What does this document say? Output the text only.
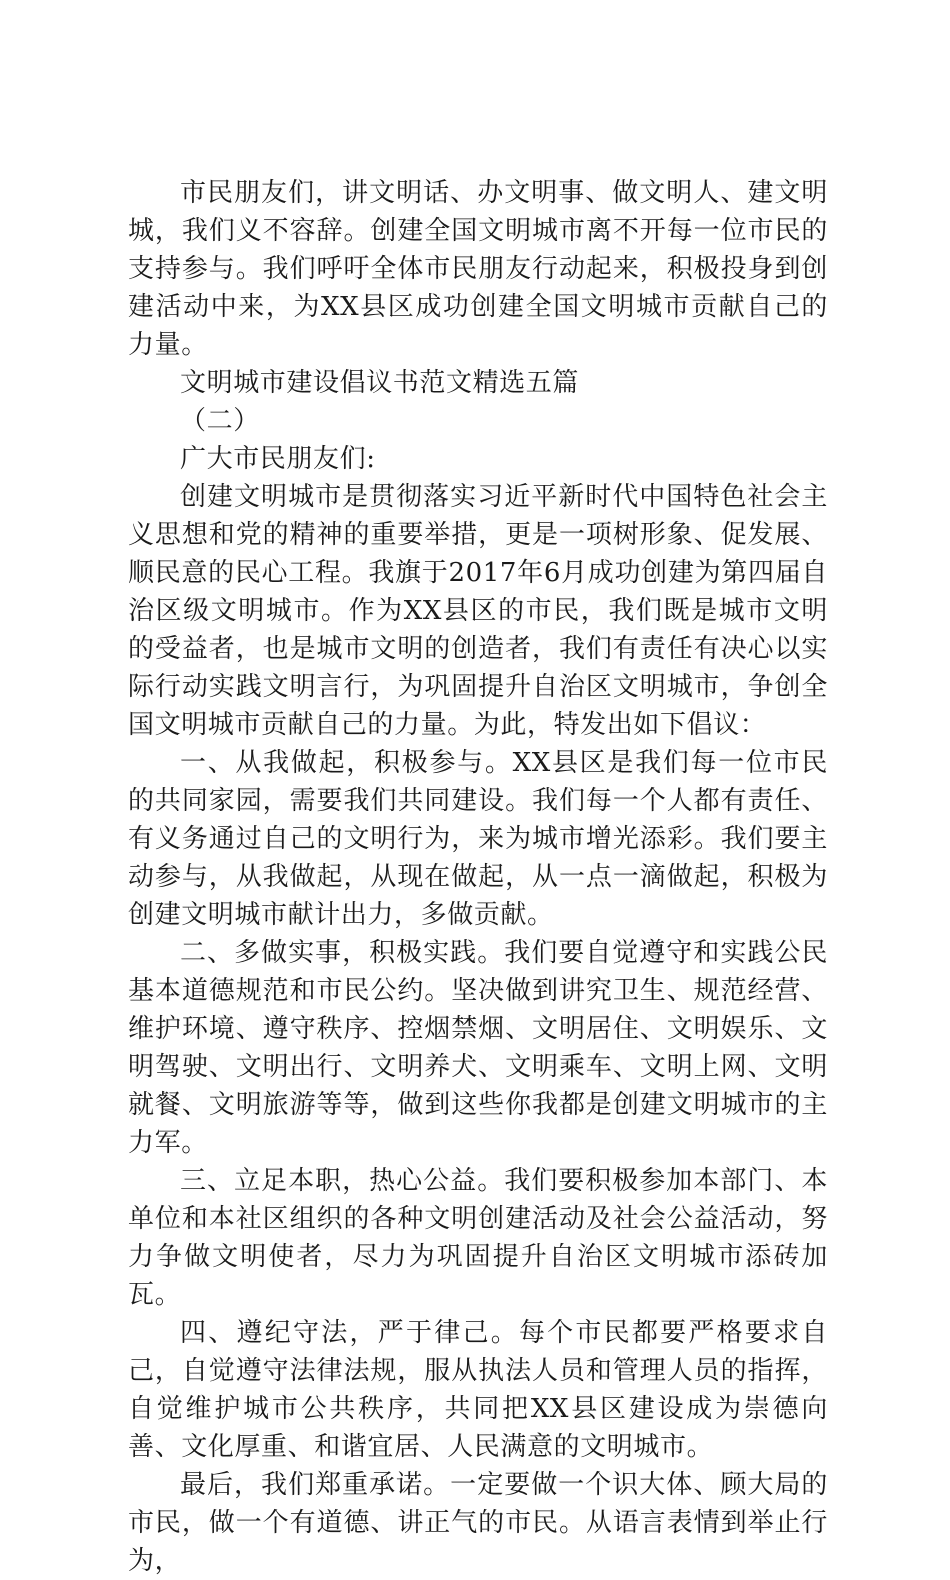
市民朋友们，讲文明话、办文明事、做文明人、建文明城，我们义不容辞。创建全国文明城市离不开每一位市民的支持参与。我们呼吁全体市民朋友行动起来，积极投身到创建活动中来，为XX县区成功创建全国文明城市贡献自己的力量。

文明城市建设倡议书范文精选五篇

（二）

广大市民朋友们:

创建文明城市是贯彻落实习近平新时代中国特色社会主义思想和党的精神的重要举措，更是一项树形象、促发展、顺民意的民心工程。我旗于2017年6月成功创建为第四届自治区级文明城市。作为XX县区的市民，我们既是城市文明的受益者，也是城市文明的创造者，我们有责任有决心以实际行动实践文明言行，为巩固提升自治区文明城市，争创全国文明城市贡献自己的力量。为此，特发出如下倡议：

一、从我做起，积极参与。XX县区是我们每一位市民的共同家园，需要我们共同建设。我们每一个人都有责任、有义务通过自己的文明行为，来为城市增光添彩。我们要主动参与，从我做起，从现在做起，从一点一滴做起，积极为创建文明城市献计出力，多做贡献。

二、多做实事，积极实践。我们要自觉遵守和实践公民基本道德规范和市民公约。坚决做到讲究卫生、规范经营、维护环境、遵守秩序、控烟禁烟、文明居住、文明娱乐、文明驾驶、文明出行、文明养犬、文明乘车、文明上网、文明就餐、文明旅游等等，做到这些你我都是创建文明城市的主力军。

三、立足本职，热心公益。我们要积极参加本部门、本单位和本社区组织的各种文明创建活动及社会公益活动，努力争做文明使者，尽力为巩固提升自治区文明城市添砖加瓦。

四、遵纪守法，严于律己。每个市民都要严格要求自己，自觉遵守法律法规，服从执法人员和管理人员的指挥，自觉维护城市公共秩序，共同把XX县区建设成为崇德向善、文化厚重、和谐宜居、人民满意的文明城市。

最后，我们郑重承诺。一定要做一个识大体、顾大局的市民，做一个有道德、讲正气的市民。从语言表情到举止行为，
